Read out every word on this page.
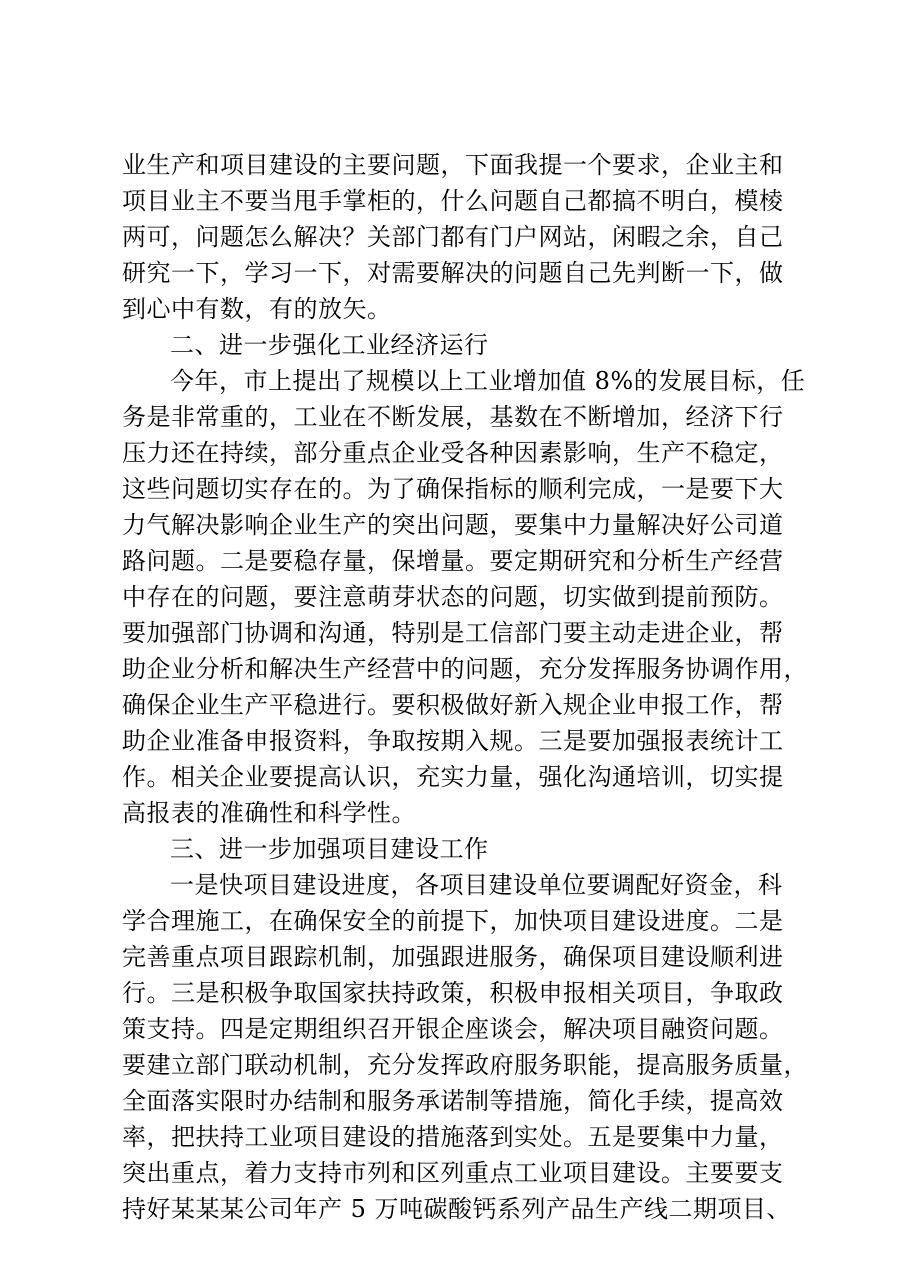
业生产和项目建设的主要问题，下面我提一个要求，企业主和
项目业主不要当甩手掌柜的，什么问题自己都搞不明白，模棱
两可，问题怎么解决？关部门都有门户网站，闲暇之余，自己
研究一下，学习一下，对需要解决的问题自己先判断一下，做
到心中有数，有的放矢。
二、进一步强化工业经济运行
今年，市上提出了规模以上工业增加值 8%的发展目标，任
务是非常重的，工业在不断发展，基数在不断增加，经济下行
压力还在持续，部分重点企业受各种因素影响，生产不稳定，
这些问题切实存在的。为了确保指标的顺利完成，一是要下大
力气解决影响企业生产的突出问题，要集中力量解决好公司道
路问题。二是要稳存量，保增量。要定期研究和分析生产经营
中存在的问题，要注意萌芽状态的问题，切实做到提前预防。
要加强部门协调和沟通，特别是工信部门要主动走进企业，帮
助企业分析和解决生产经营中的问题，充分发挥服务协调作用，
确保企业生产平稳进行。要积极做好新入规企业申报工作，帮
助企业准备申报资料，争取按期入规。三是要加强报表统计工
作。相关企业要提高认识，充实力量，强化沟通培训，切实提
高报表的准确性和科学性。
三、进一步加强项目建设工作
一是快项目建设进度，各项目建设单位要调配好资金，科
学合理施工，在确保安全的前提下，加快项目建设进度。二是
完善重点项目跟踪机制，加强跟进服务，确保项目建设顺利进
行。三是积极争取国家扶持政策，积极申报相关项目，争取政
策支持。四是定期组织召开银企座谈会，解决项目融资问题。
要建立部门联动机制，充分发挥政府服务职能，提高服务质量，
全面落实限时办结制和服务承诺制等措施，简化手续，提高效
率，把扶持工业项目建设的措施落到实处。五是要集中力量，
突出重点，着力支持市列和区列重点工业项目建设。主要要支
持好某某某公司年产 5 万吨碳酸钙系列产品生产线二期项目、
